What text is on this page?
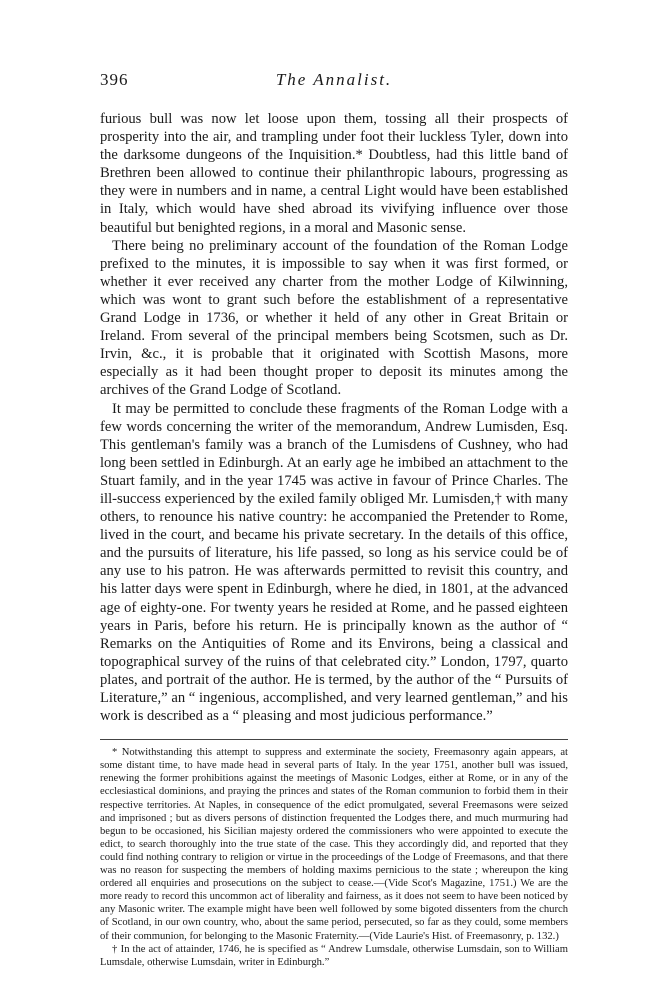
396	The Annalist.

furious bull was now let loose upon them, tossing all their prospects of prosperity into the air, and trampling under foot their luckless Tyler, down into the darksome dungeons of the Inquisition.* Doubtless, had this little band of Brethren been allowed to continue their philanthropic labours, progressing as they were in numbers and in name, a central Light would have been established in Italy, which would have shed abroad its vivifying influence over those beautiful but benighted regions, in a moral and Masonic sense.

There being no preliminary account of the foundation of the Roman Lodge prefixed to the minutes, it is impossible to say when it was first formed, or whether it ever received any charter from the mother Lodge of Kilwinning, which was wont to grant such before the establishment of a representative Grand Lodge in 1736, or whether it held of any other in Great Britain or Ireland. From several of the principal members being Scotsmen, such as Dr. Irvin, &c., it is probable that it originated with Scottish Masons, more especially as it had been thought proper to deposit its minutes among the archives of the Grand Lodge of Scotland.

It may be permitted to conclude these fragments of the Roman Lodge with a few words concerning the writer of the memorandum, Andrew Lumisden, Esq. This gentleman's family was a branch of the Lumisdens of Cushney, who had long been settled in Edinburgh. At an early age he imbibed an attachment to the Stuart family, and in the year 1745 was active in favour of Prince Charles. The ill-success experienced by the exiled family obliged Mr. Lumisden,† with many others, to renounce his native country: he accompanied the Pretender to Rome, lived in the court, and became his private secretary. In the details of this office, and the pursuits of literature, his life passed, so long as his service could be of any use to his patron. He was afterwards permitted to revisit this country, and his latter days were spent in Edinburgh, where he died, in 1801, at the advanced age of eighty-one. For twenty years he resided at Rome, and he passed eighteen years in Paris, before his return. He is principally known as the author of “ Remarks on the Antiquities of Rome and its Environs, being a classical and topographical survey of the ruins of that celebrated city.” London, 1797, quarto plates, and portrait of the author. He is termed, by the author of the “ Pursuits of Literature,” an “ ingenious, accomplished, and very learned gentleman,” and his work is described as a “ pleasing and most judicious performance.”

* Notwithstanding this attempt to suppress and exterminate the society, Freemasonry again appears, at some distant time, to have made head in several parts of Italy. In the year 1751, another bull was issued, renewing the former prohibitions against the meetings of Masonic Lodges, either at Rome, or in any of the ecclesiastical dominions, and praying the princes and states of the Roman communion to forbid them in their respective territories. At Naples, in consequence of the edict promulgated, several Freemasons were seized and imprisoned ; but as divers persons of distinction frequented the Lodges there, and much murmuring had begun to be occasioned, his Sicilian majesty ordered the commissioners who were appointed to execute the edict, to search thoroughly into the true state of the case. This they accordingly did, and reported that they could find nothing contrary to religion or virtue in the proceedings of the Lodge of Freemasons, and that there was no reason for suspecting the members of holding maxims pernicious to the state ; whereupon the king ordered all enquiries and prosecutions on the subject to cease.—(Vide Scot's Magazine, 1751.) We are the more ready to record this uncommon act of liberality and fairness, as it does not seem to have been noticed by any Masonic writer. The example might have been well followed by some bigoted dissenters from the church of Scotland, in our own country, who, about the same period, persecuted, so far as they could, some members of their communion, for belonging to the Masonic Fraternity.—(Vide Laurie's Hist. of Freemasonry, p. 132.)

† In the act of attainder, 1746, he is specified as “ Andrew Lumsdale, otherwise Lumsdain, son to William Lumsdale, otherwise Lumsdain, writer in Edinburgh.”
